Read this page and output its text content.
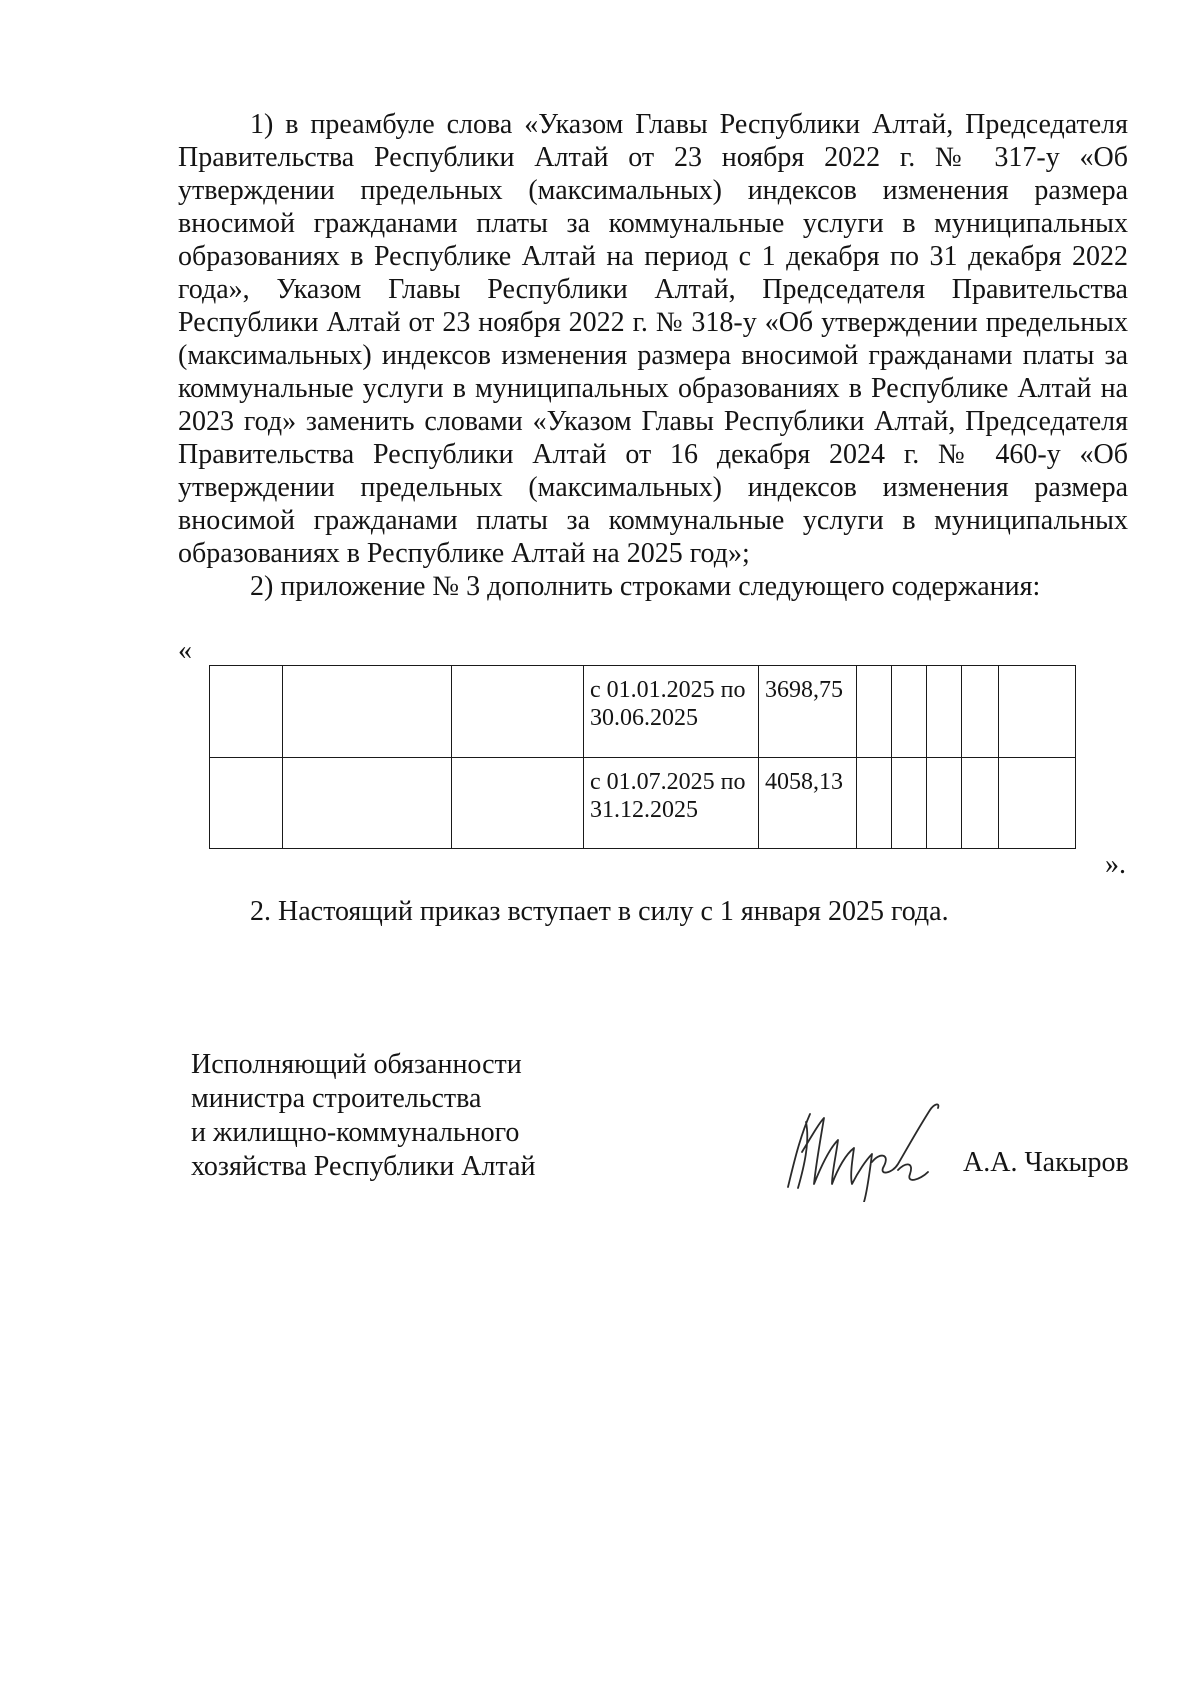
1) в преамбуле слова «Указом Главы Республики Алтай, Председателя Правительства Республики Алтай от 23 ноября 2022 г. № 317-у «Об утверждении предельных (максимальных) индексов изменения размера вносимой гражданами платы за коммунальные услуги в муниципальных образованиях в Республике Алтай на период с 1 декабря по 31 декабря 2022 года», Указом Главы Республики Алтай, Председателя Правительства Республики Алтай от 23 ноября 2022 г. № 318-у «Об утверждении предельных (максимальных) индексов изменения размера вносимой гражданами платы за коммунальные услуги в муниципальных образованиях в Республике Алтай на 2023 год» заменить словами «Указом Главы Республики Алтай, Председателя Правительства Республики Алтай от 16 декабря 2024 г. № 460-у «Об утверждении предельных (максимальных) индексов изменения размера вносимой гражданами платы за коммунальные услуги в муниципальных образованиях в Республике Алтай на 2025 год»;

2) приложение № 3 дополнить строками следующего содержания:

«
			с 01.01.2025 по 30.06.2025	3698,75					
			с 01.07.2025 по 31.12.2025	4058,13					
».
2. Настоящий приказ вступает в силу с 1 января 2025 года.
Исполняющий обязанности
министра строительства
и жилищно-коммунального
хозяйства Республики Алтай	А.А. Чакыров
